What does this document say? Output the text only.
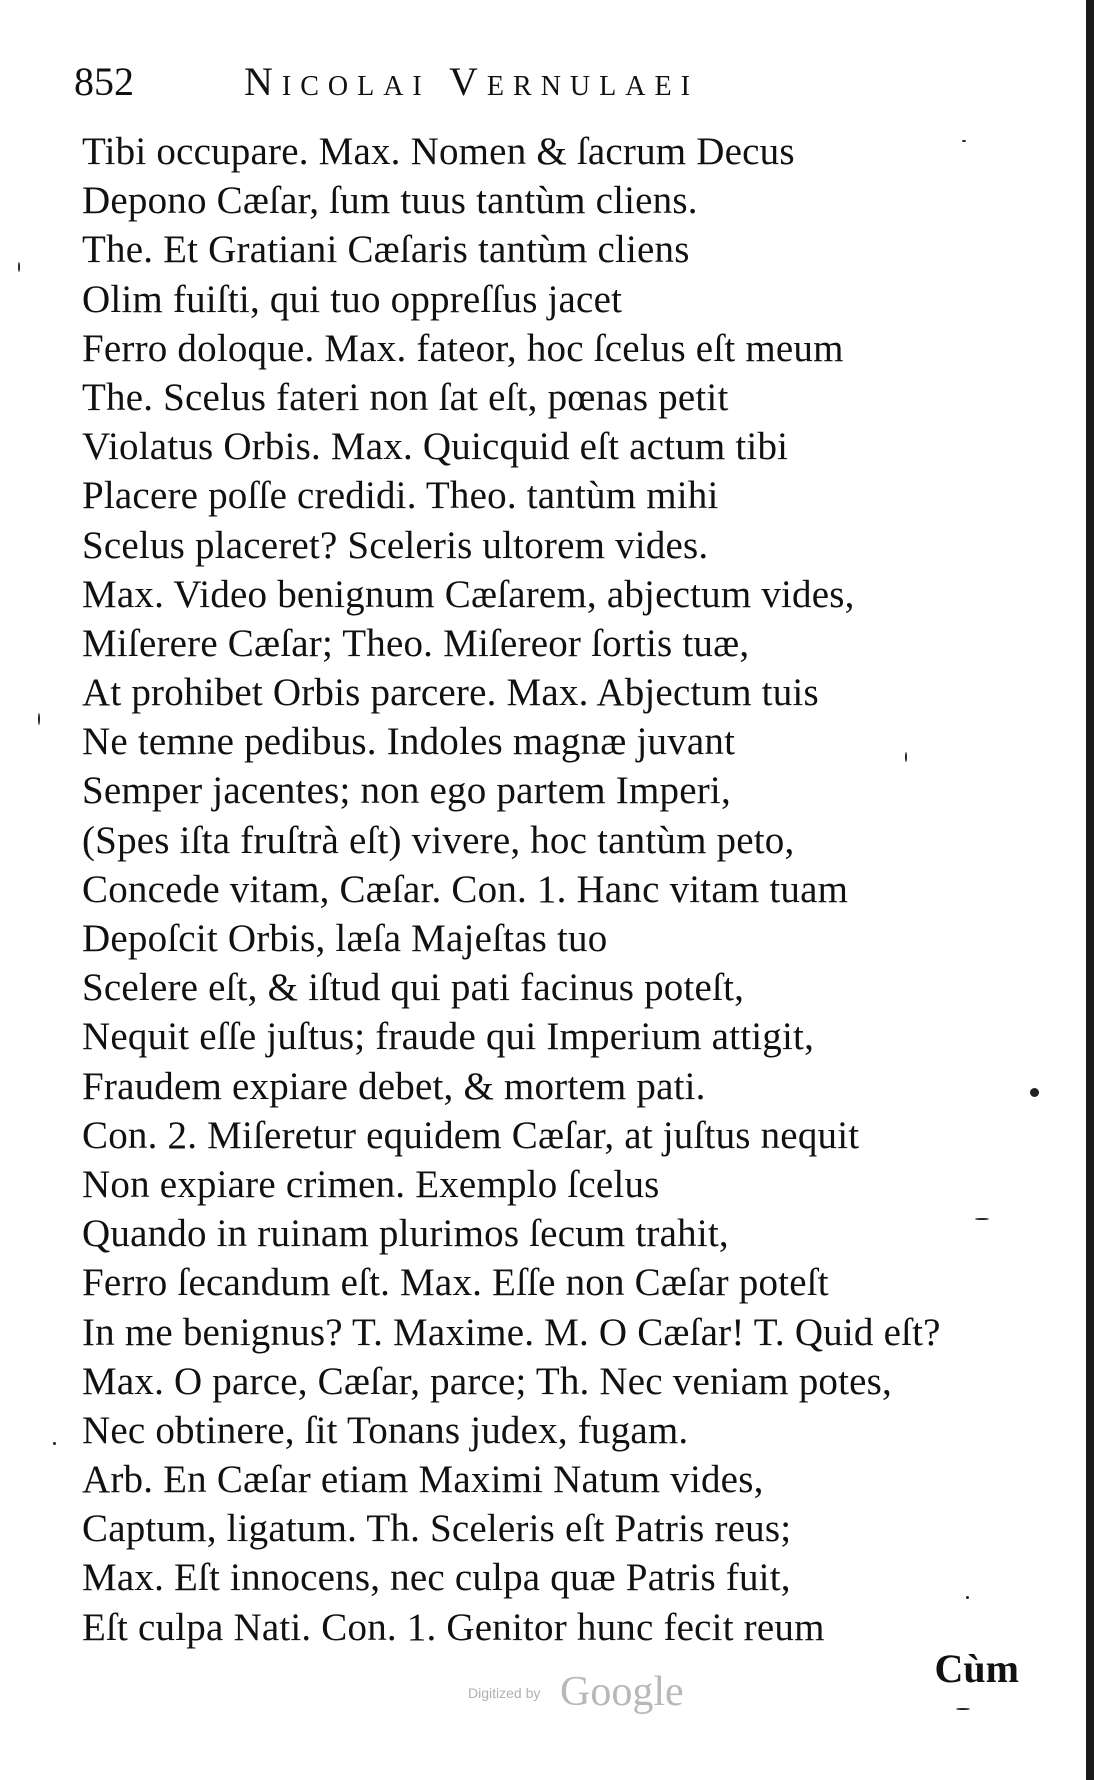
852	Nicolai Vernulaei
Tibi occupare. Max. Nomen & ſacrum Decus
Depono Cæſar, ſum tuus tantùm cliens.
The. Et Gratiani Cæſaris tantùm cliens
Olim fuiſti, qui tuo oppreſſus jacet
Ferro doloque. Max. fateor, hoc ſcelus eſt meum
The. Scelus fateri non ſat eſt, pœnas petit
Violatus Orbis. Max. Quicquid eſt actum tibi
Placere poſſe credidi. Theo. tantùm mihi
Scelus placeret? Sceleris ultorem vides.
Max. Video benignum Cæſarem, abjectum vides,
Miſerere Cæſar; Theo. Miſereor ſortis tuæ,
At prohibet Orbis parcere. Max. Abjectum tuis
Ne temne pedibus. Indoles magnæ juvant
Semper jacentes; non ego partem Imperi,
(Spes iſta fruſtrà eſt) vivere, hoc tantùm peto,
Concede vitam, Cæſar. Con. 1. Hanc vitam tuam
Depoſcit Orbis, læſa Majeſtas tuo
Scelere eſt, & iſtud qui pati facinus poteſt,
Nequit eſſe juſtus; fraude qui Imperium attigit,
Fraudem expiare debet, & mortem pati.
Con. 2. Miſeretur equidem Cæſar, at juſtus nequit
Non expiare crimen. Exemplo ſcelus
Quando in ruinam plurimos ſecum trahit,
Ferro ſecandum eſt. Max. Eſſe non Cæſar poteſt
In me benignus? T. Maxime. M. O Cæſar! T. Quid eſt?
Max. O parce, Cæſar, parce; Th. Nec veniam potes,
Nec obtinere, ſit Tonans judex, fugam.
Arb. En Cæſar etiam Maximi Natum vides,
Captum, ligatum. Th. Sceleris eſt Patris reus;
Max. Eſt innocens, nec culpa quæ Patris fuit,
Eſt culpa Nati. Con. 1. Genitor hunc fecit reum
Cùm
Digitized by Google
